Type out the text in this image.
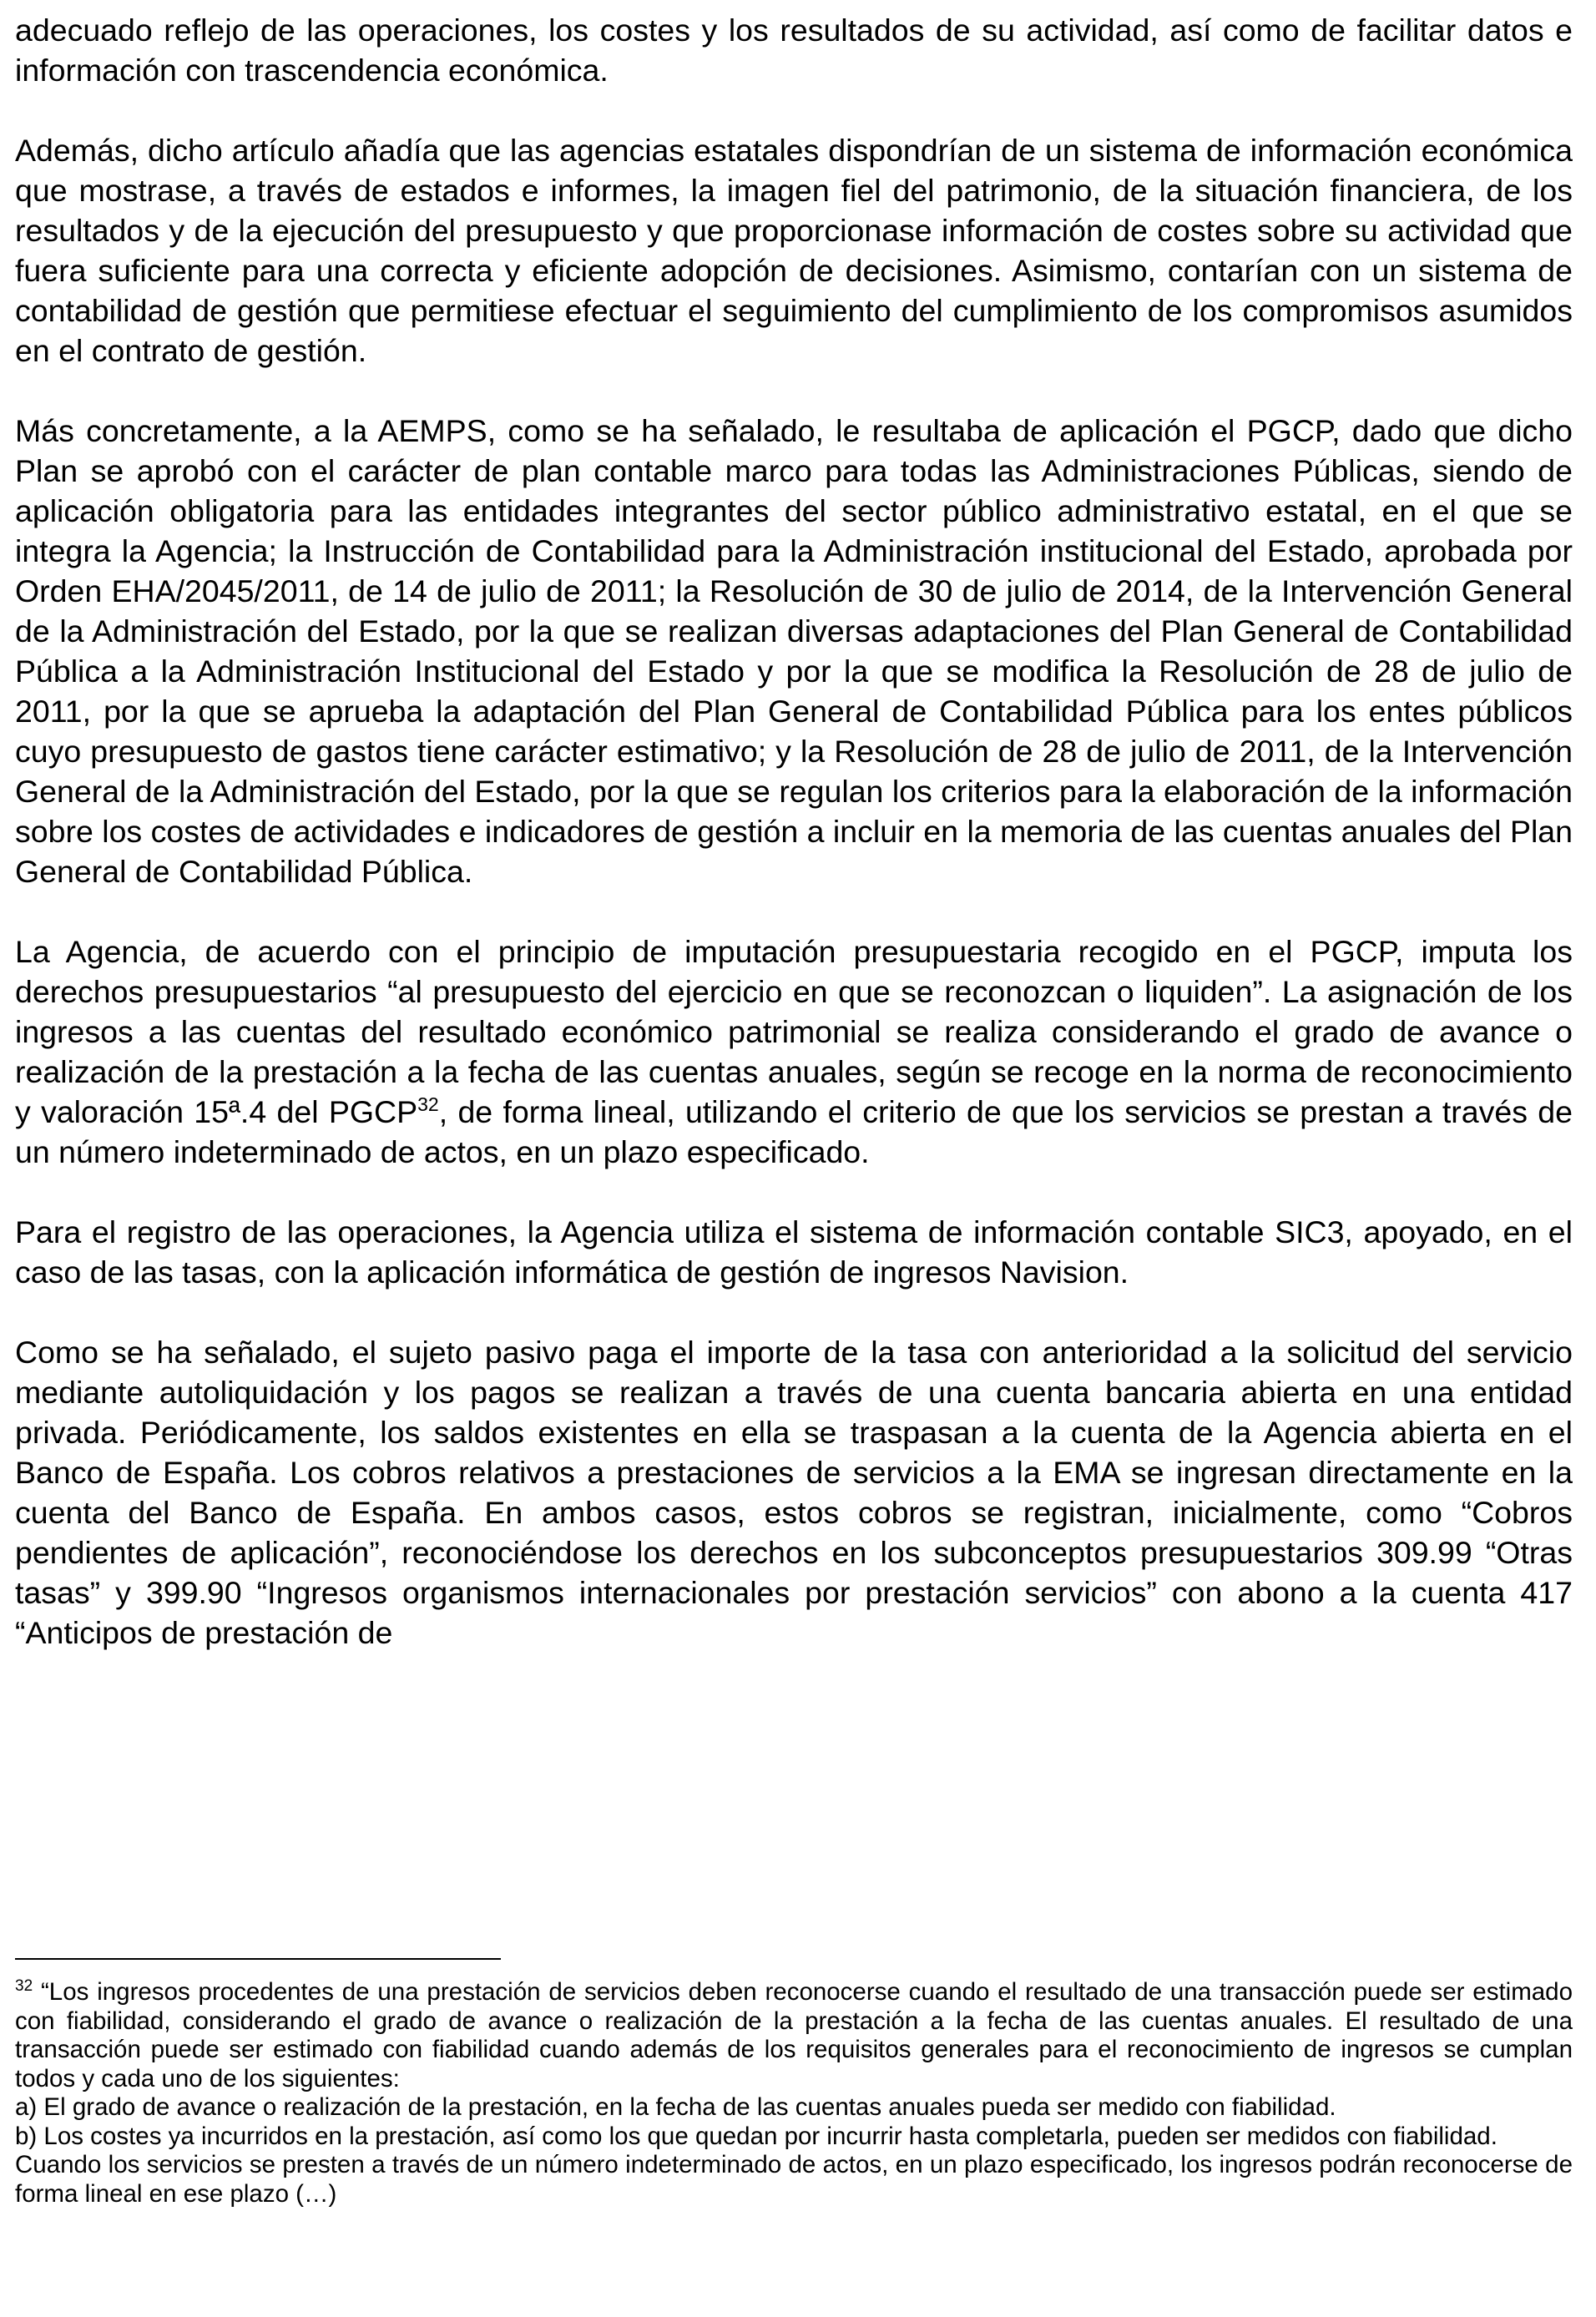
adecuado reflejo de las operaciones, los costes y los resultados de su actividad, así como de facilitar datos e información con trascendencia económica.

Además, dicho artículo añadía que las agencias estatales dispondrían de un sistema de información económica que mostrase, a través de estados e informes, la imagen fiel del patrimonio, de la situación financiera, de los resultados y de la ejecución del presupuesto y que proporcionase información de costes sobre su actividad que fuera suficiente para una correcta y eficiente adopción de decisiones. Asimismo, contarían con un sistema de contabilidad de gestión que permitiese efectuar el seguimiento del cumplimiento de los compromisos asumidos en el contrato de gestión.

Más concretamente, a la AEMPS, como se ha señalado, le resultaba de aplicación el PGCP, dado que dicho Plan se aprobó con el carácter de plan contable marco para todas las Administraciones Públicas, siendo de aplicación obligatoria para las entidades integrantes del sector público administrativo estatal, en el que se integra la Agencia; la Instrucción de Contabilidad para la Administración institucional del Estado, aprobada por Orden EHA/2045/2011, de 14 de julio de 2011; la Resolución de 30 de julio de 2014, de la Intervención General de la Administración del Estado, por la que se realizan diversas adaptaciones del Plan General de Contabilidad Pública a la Administración Institucional del Estado y por la que se modifica la Resolución de 28 de julio de 2011, por la que se aprueba la adaptación del Plan General de Contabilidad Pública para los entes públicos cuyo presupuesto de gastos tiene carácter estimativo; y la Resolución de 28 de julio de 2011, de la Intervención General de la Administración del Estado, por la que se regulan los criterios para la elaboración de la información sobre los costes de actividades e indicadores de gestión a incluir en la memoria de las cuentas anuales del Plan General de Contabilidad Pública.

La Agencia, de acuerdo con el principio de imputación presupuestaria recogido en el PGCP, imputa los derechos presupuestarios “al presupuesto del ejercicio en que se reconozcan o liquiden”. La asignación de los ingresos a las cuentas del resultado económico patrimonial se realiza considerando el grado de avance o realización de la prestación a la fecha de las cuentas anuales, según se recoge en la norma de reconocimiento y valoración 15ª.4 del PGCP$^{32}$, de forma lineal, utilizando el criterio de que los servicios se prestan a través de un número indeterminado de actos, en un plazo especificado.

Para el registro de las operaciones, la Agencia utiliza el sistema de información contable SIC3, apoyado, en el caso de las tasas, con la aplicación informática de gestión de ingresos Navision.

Como se ha señalado, el sujeto pasivo paga el importe de la tasa con anterioridad a la solicitud del servicio mediante autoliquidación y los pagos se realizan a través de una cuenta bancaria abierta en una entidad privada. Periódicamente, los saldos existentes en ella se traspasan a la cuenta de la Agencia abierta en el Banco de España. Los cobros relativos a prestaciones de servicios a la EMA se ingresan directamente en la cuenta del Banco de España. En ambos casos, estos cobros se registran, inicialmente, como “Cobros pendientes de aplicación”, reconociéndose los derechos en los subconceptos presupuestarios 309.99 “Otras tasas” y 399.90 “Ingresos organismos internacionales por prestación servicios” con abono a la cuenta 417 “Anticipos de prestación de

$^{32}$ “Los ingresos procedentes de una prestación de servicios deben reconocerse cuando el resultado de una transacción puede ser estimado con fiabilidad, considerando el grado de avance o realización de la prestación a la fecha de las cuentas anuales. El resultado de una transacción puede ser estimado con fiabilidad cuando además de los requisitos generales para el reconocimiento de ingresos se cumplan todos y cada uno de los siguientes:

a) El grado de avance o realización de la prestación, en la fecha de las cuentas anuales pueda ser medido con fiabilidad.

b) Los costes ya incurridos en la prestación, así como los que quedan por incurrir hasta completarla, pueden ser medidos con fiabilidad.

Cuando los servicios se presten a través de un número indeterminado de actos, en un plazo especificado, los ingresos podrán reconocerse de forma lineal en ese plazo (…)
